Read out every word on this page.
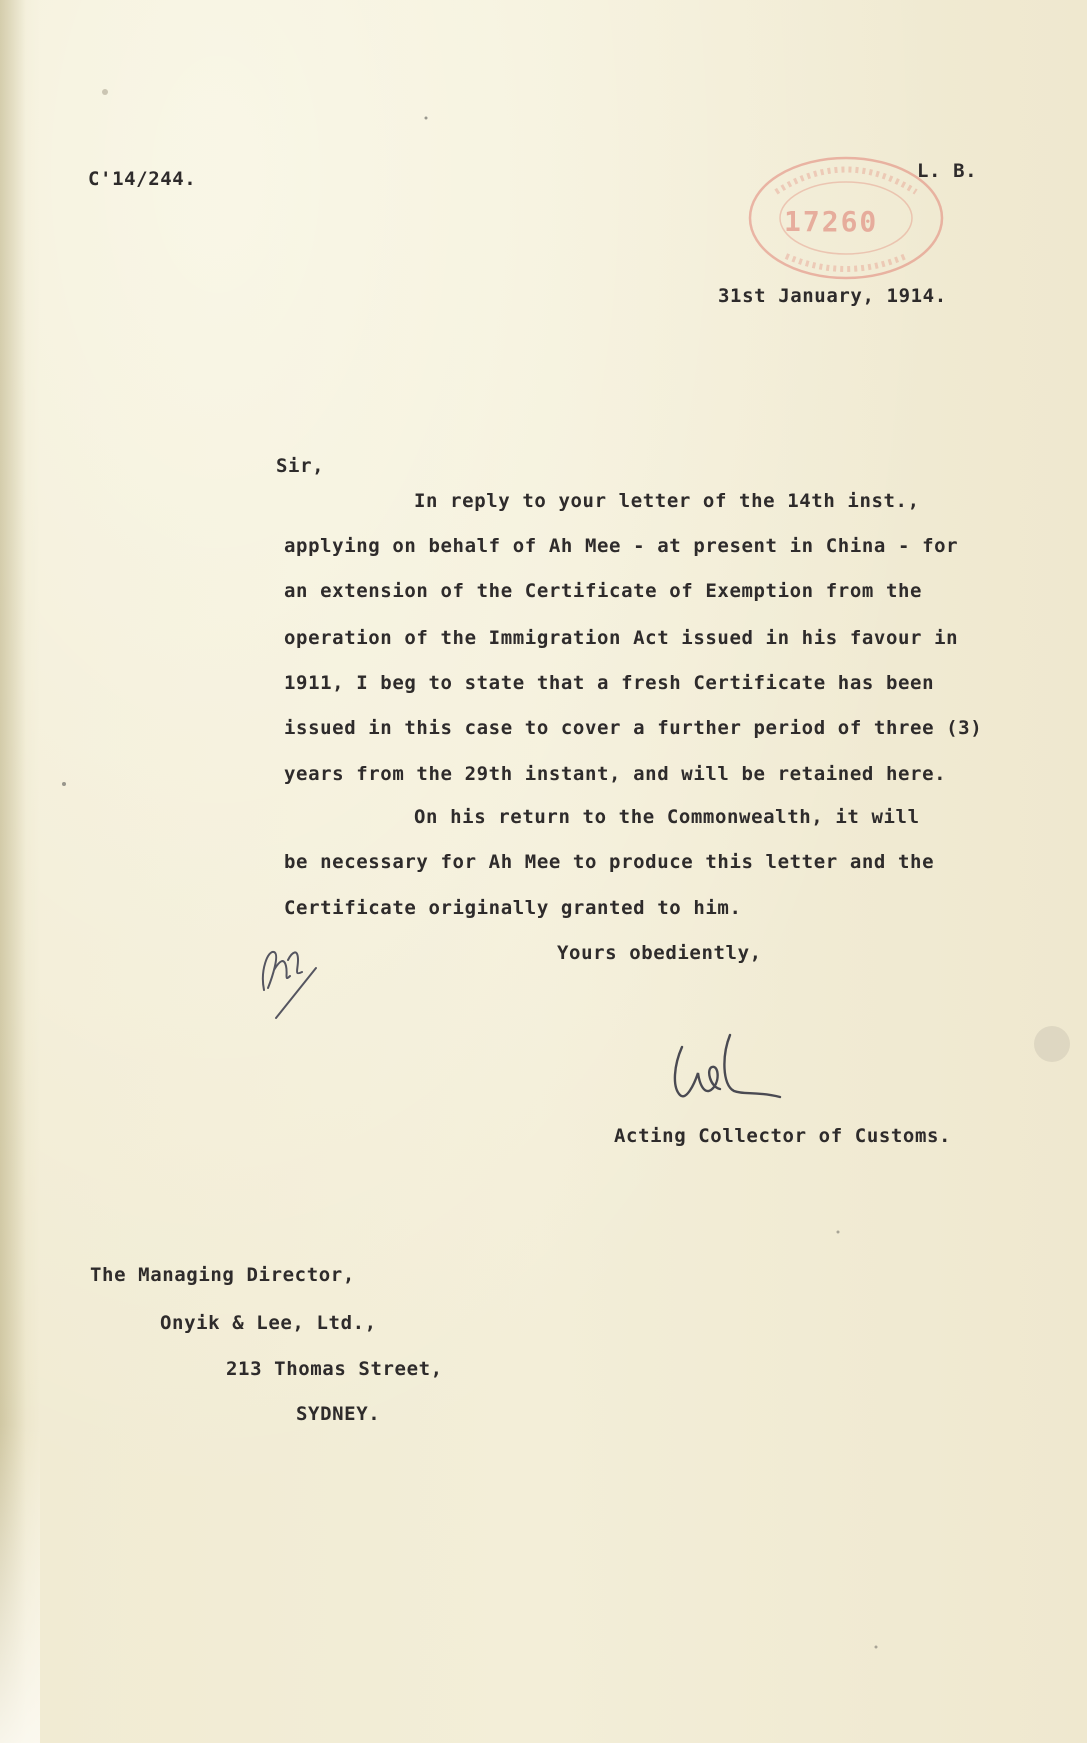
C'14/244.
17260
L. B.
31st January, 1914.
Sir,
In reply to your letter of the 14th inst.,
applying on behalf of Ah Mee - at present in China - for
an extension of the Certificate of Exemption from the
operation of the Immigration Act issued in his favour in
1911, I beg to state that a fresh Certificate has been
issued in this case to cover a further period of three (3)
years from the 29th instant, and will be retained here.
On his return to the Commonwealth, it will
be necessary for Ah Mee to produce this letter and the
Certificate originally granted to him.
Yours obediently,
Acting Collector of Customs.
The Managing Director,
Onyik & Lee, Ltd.,
213 Thomas Street,
SYDNEY.
